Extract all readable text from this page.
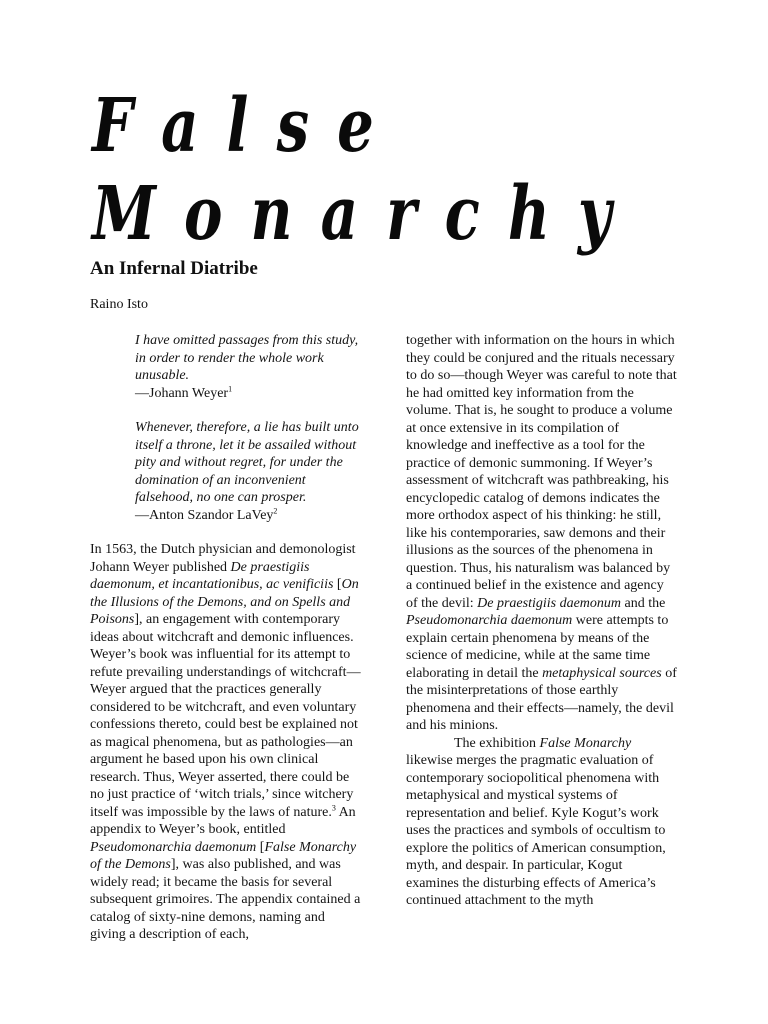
F a l s e
M o n a r c h y
An Infernal Diatribe
Raino Isto
I have omitted passages from this study, in order to render the whole work unusable.
—Johann Weyer$^1$
Whenever, therefore, a lie has built unto itself a throne, let it be assailed without pity and without regret, for under the domination of an inconvenient falsehood, no one can prosper.
—Anton Szandor LaVey$^2$

In 1563, the Dutch physician and demonologist Johann Weyer published De praestigiis daemonum, et incantationibus, ac venificiis [On the Illusions of the Demons, and on Spells and Poisons], an engagement with contemporary ideas about witchcraft and demonic influences. Weyer’s book was influential for its attempt to refute prevailing understandings of witchcraft—Weyer argued that the practices generally considered to be witchcraft, and even voluntary confessions thereto, could best be explained not as magical phenomena, but as pathologies—an argument he based upon his own clinical research. Thus, Weyer asserted, there could be no just practice of ‘witch trials,’ since witchery itself was impossible by the laws of nature.$^3$ An appendix to Weyer’s book, entitled Pseudomonarchia daemonum [False Monarchy of the Demons], was also published, and was widely read; it became the basis for several subsequent grimoires. The appendix contained a catalog of sixty-nine demons, naming and giving a description of each,

together with information on the hours in which they could be conjured and the rituals necessary to do so—though Weyer was careful to note that he had omitted key information from the volume. That is, he sought to produce a volume at once extensive in its compilation of knowledge and ineffective as a tool for the practice of demonic summoning. If Weyer’s assessment of witchcraft was pathbreaking, his encyclopedic catalog of demons indicates the more orthodox aspect of his thinking: he still, like his contemporaries, saw demons and their illusions as the sources of the phenomena in question. Thus, his naturalism was balanced by a continued belief in the existence and agency of the devil: De praestigiis daemonum and the Pseudomonarchia daemonum were attempts to explain certain phenomena by means of the science of medicine, while at the same time elaborating in detail the metaphysical sources of the misinterpretations of those earthly phenomena and their effects—namely, the devil and his minions.

The exhibition False Monarchy likewise merges the pragmatic evaluation of contemporary sociopolitical phenomena with metaphysical and mystical systems of representation and belief. Kyle Kogut’s work uses the practices and symbols of occultism to explore the politics of American consumption, myth, and despair. In particular, Kogut examines the disturbing effects of America’s continued attachment to the myth
